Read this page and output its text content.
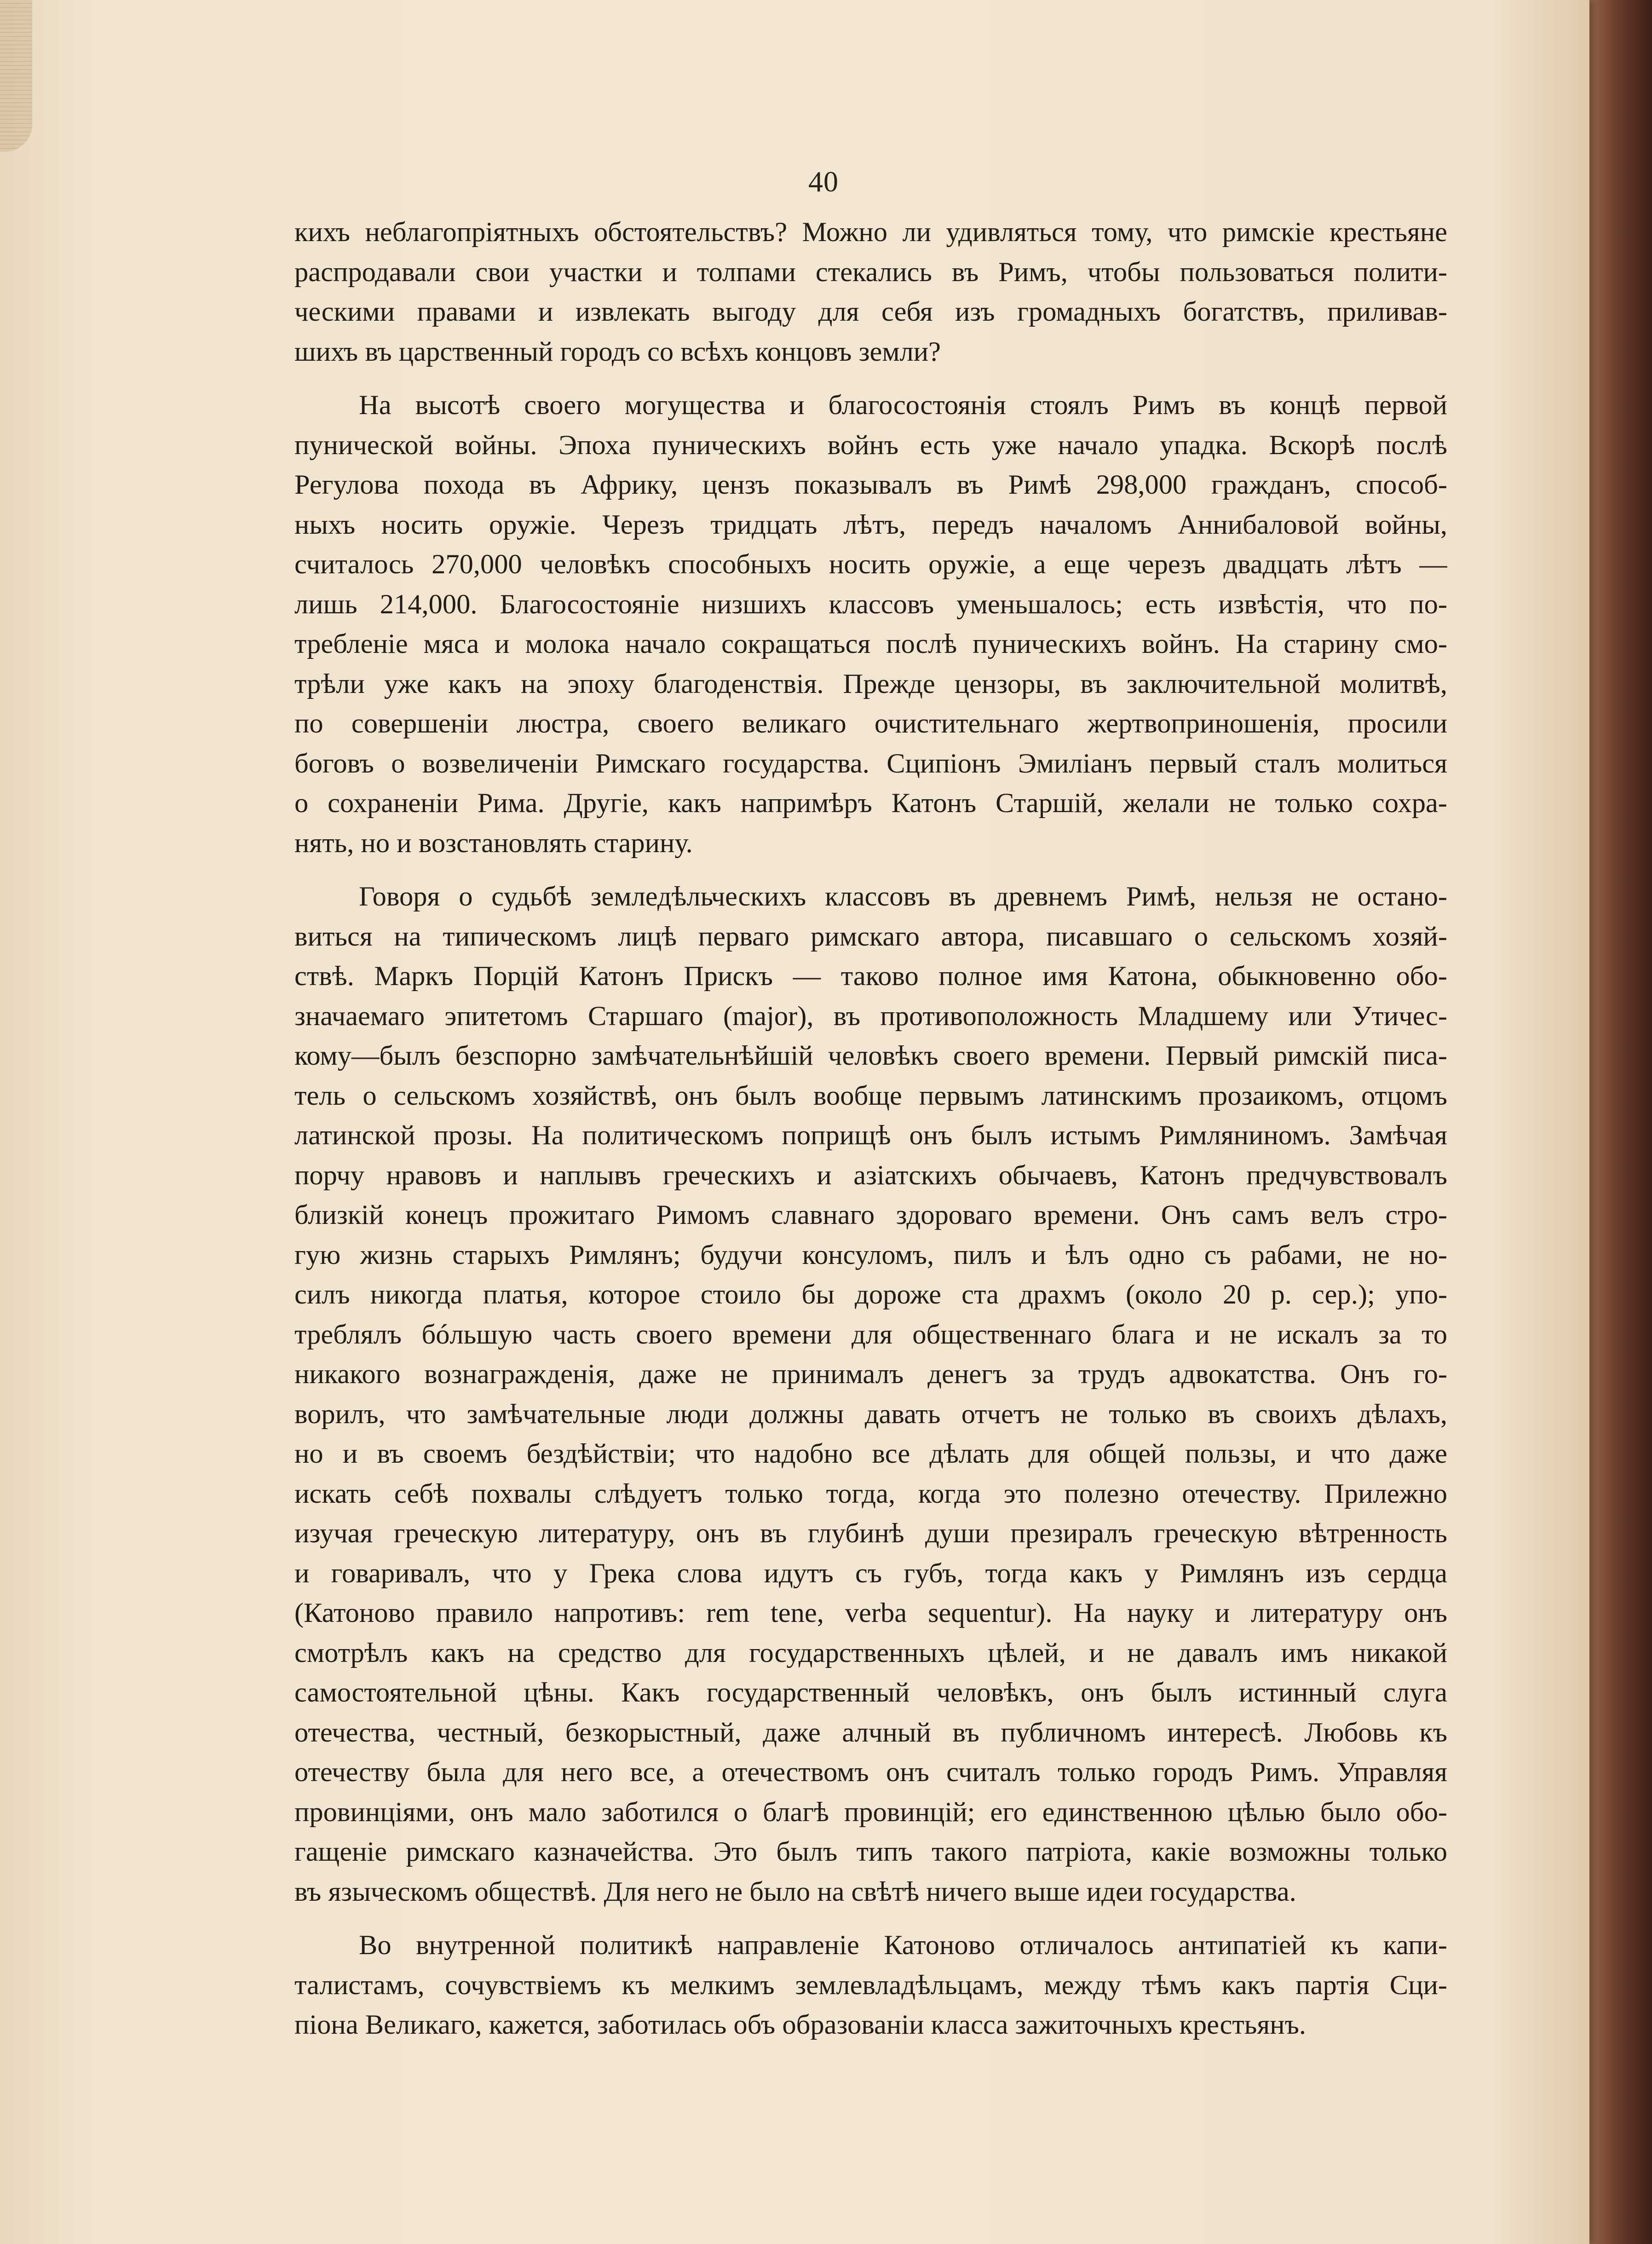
40
кихъ неблагопріятныхъ обстоятельствъ? Можно ли удивляться тому, что римскіе крестьяне
распродавали свои участки и толпами стекались въ Римъ, чтобы пользоваться полити-
ческими правами и извлекать выгоду для себя изъ громадныхъ богатствъ, приливав-
шихъ въ царственный городъ со всѣхъ концовъ земли?
На высотѣ своего могущества и благосостоянія стоялъ Римъ въ концѣ первой
пунической войны. Эпоха пуническихъ войнъ есть уже начало упадка. Вскорѣ послѣ
Регулова похода въ Африку, цензъ показывалъ въ Римѣ 298,000 гражданъ, способ-
ныхъ носить оружіе. Черезъ тридцать лѣтъ, передъ началомъ Аннибаловой войны,
считалось 270,000 человѣкъ способныхъ носить оружіе, а еще черезъ двадцать лѣтъ —
лишь 214,000. Благосостояніе низшихъ классовъ уменьшалось; есть извѣстія, что по-
требленіе мяса и молока начало сокращаться послѣ пуническихъ войнъ. На старину смо-
трѣли уже какъ на эпоху благоденствія. Прежде цензоры, въ заключительной молитвѣ,
по совершеніи люстра, своего великаго очистительнаго жертвоприношенія, просили
боговъ о возвеличеніи Римскаго государства. Сципіонъ Эмиліанъ первый сталъ молиться
о сохраненіи Рима. Другіе, какъ напримѣръ Катонъ Старшій, желали не только сохра-
нять, но и возстановлять старину.
Говоря о судьбѣ земледѣльческихъ классовъ въ древнемъ Римѣ, нельзя не остано-
виться на типическомъ лицѣ перваго римскаго автора, писавшаго о сельскомъ хозяй-
ствѣ. Маркъ Порцій Катонъ Прискъ — таково полное имя Катона, обыкновенно обо-
значаемаго эпитетомъ Старшаго (major), въ противоположность Младшему или Утичес-
кому—былъ безспорно замѣчательнѣйшій человѣкъ своего времени. Первый римскій писа-
тель о сельскомъ хозяйствѣ, онъ былъ вообще первымъ латинскимъ прозаикомъ, отцомъ
латинской прозы. На политическомъ поприщѣ онъ былъ истымъ Римляниномъ. Замѣчая
порчу нравовъ и наплывъ греческихъ и азіатскихъ обычаевъ, Катонъ предчувствовалъ
близкій конецъ прожитаго Римомъ славнаго здороваго времени. Онъ самъ велъ стро-
гую жизнь старыхъ Римлянъ; будучи консуломъ, пилъ и ѣлъ одно съ рабами, не но-
силъ никогда платья, которое стоило бы дороже ста драхмъ (около 20 р. сер.); упо-
треблялъ бóльшую часть своего времени для общественнаго блага и не искалъ за то
никакого вознагражденія, даже не принималъ денегъ за трудъ адвокатства. Онъ го-
ворилъ, что замѣчательные люди должны давать отчетъ не только въ своихъ дѣлахъ,
но и въ своемъ бездѣйствіи; что надобно все дѣлать для общей пользы, и что даже
искать себѣ похвалы слѣдуетъ только тогда, когда это полезно отечеству. Прилежно
изучая греческую литературу, онъ въ глубинѣ души презиралъ греческую вѣтренность
и говаривалъ, что у Грека слова идутъ съ губъ, тогда какъ у Римлянъ изъ сердца
(Катоново правило напротивъ: rem tene, verba sequentur). На науку и литературу онъ
смотрѣлъ какъ на средство для государственныхъ цѣлей, и не давалъ имъ никакой
самостоятельной цѣны. Какъ государственный человѣкъ, онъ былъ истинный слуга
отечества, честный, безкорыстный, даже алчный въ публичномъ интересѣ. Любовь къ
отечеству была для него все, а отечествомъ онъ считалъ только городъ Римъ. Управляя
провинціями, онъ мало заботился о благѣ провинцій; его единственною цѣлью было обо-
гащеніе римскаго казначейства. Это былъ типъ такого патріота, какіе возможны только
въ языческомъ обществѣ. Для него не было на свѣтѣ ничего выше идеи государства.
Во внутренной политикѣ направленіе Катоново отличалось антипатіей къ капи-
талистамъ, сочувствіемъ къ мелкимъ землевладѣльцамъ, между тѣмъ какъ партія Сци-
піона Великаго, кажется, заботилась объ образованіи класса зажиточныхъ крестьянъ.
